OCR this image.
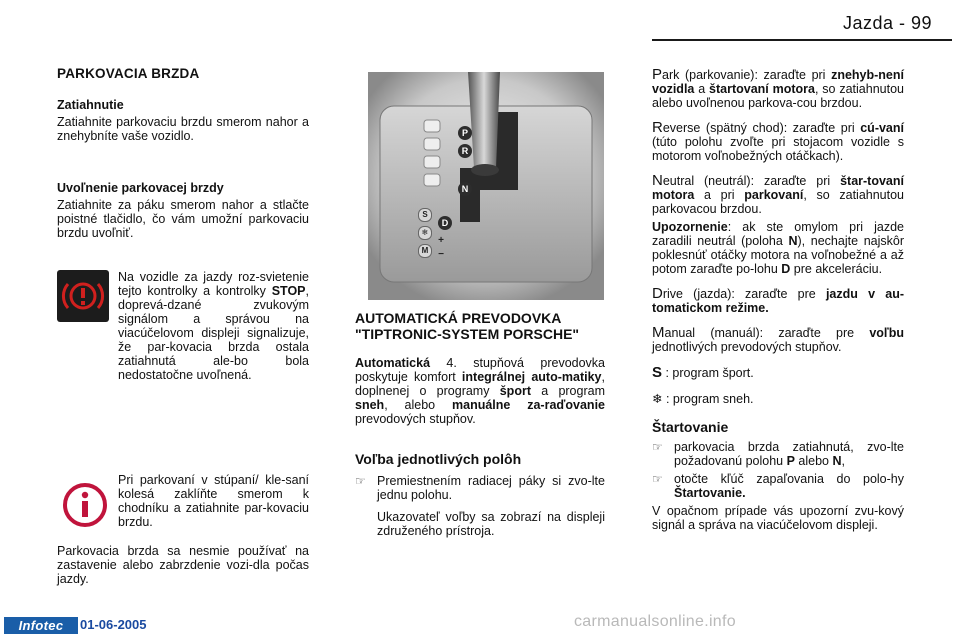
Jazda - 99
PARKOVACIA BRZDA

Zatiahnutie

Zatiahnite parkovaciu brzdu smerom nahor a znehybníte vaše vozidlo.

Uvoľnenie parkovacej brzdy

Zatiahnite za páku smerom nahor a stlačte poistné tlačidlo, čo vám umožní parkovaciu brzdu uvoľniť.

Na vozidle za jazdy roz-svietenie tejto kontrolky a kontrolky STOP, doprevá-dzané zvukovým signálom a správou na viacúčelovom displeji signalizuje, že par-kovacia brzda ostala zatiahnutá ale-bo bola nedostatočne uvoľnená.

Pri parkovaní v stúpaní/ kle-saní kolesá zaklíňte smerom k chodníku a zatiahnite par-kovaciu brzdu.
Parkovacia brzda sa nesmie používať na zastavenie alebo zabrzdenie vozi-dla počas jazdy.
P
R
N
D
S
❄
M
+
−

AUTOMATICKÁ PREVODOVKA "TIPTRONIC-SYSTEM PORSCHE"

Automatická 4. stupňová prevodovka poskytuje komfort integrálnej auto-matiky, doplnenej o programy šport a program sneh, alebo manuálne za-raďovanie prevodových stupňov.

Voľba jednotlivých polôh

☞ Premiestnením radiacej páky si zvo-lte jednu polohu.

Ukazovateľ voľby sa zobrazí na displeji združeného prístroja.

Park (parkovanie): zaraďte pri znehyb-není vozidla a štartovaní motora, so zatiahnutou alebo uvoľnenou parkova-cou brzdou.

Reverse (spätný chod): zaraďte pri cú-vaní (túto polohu zvoľte pri stojacom vozidle s motorom voľnobežných otáčkach).

Neutral (neutrál): zaraďte pri štar-tovaní motora a pri parkovaní, so zatiahnutou parkovacou brzdou.

Upozornenie: ak ste omylom pri jazde zaradili neutrál (poloha N), nechajte najskôr poklesnúť otáčky motora na voľnobežné a až potom zaraďte po-lohu D pre akceleráciu.

Drive (jazda): zaraďte pre jazdu v au-tomatickom režime.

Manual (manuál): zaraďte pre voľbu jednotlivých prevodových stupňov.

S : program šport.

❄ : program sneh.

Štartovanie

☞ parkovacia brzda zatiahnutá, zvo-lte požadovanú polohu P alebo N,
☞ otočte kľúč zapaľovania do polo-hy Štartovanie.

V opačnom prípade vás upozorní zvu-kový signál a správa na viacúčelovom displeji.

Infotec	01-06-2005	carmanualsonline.info
